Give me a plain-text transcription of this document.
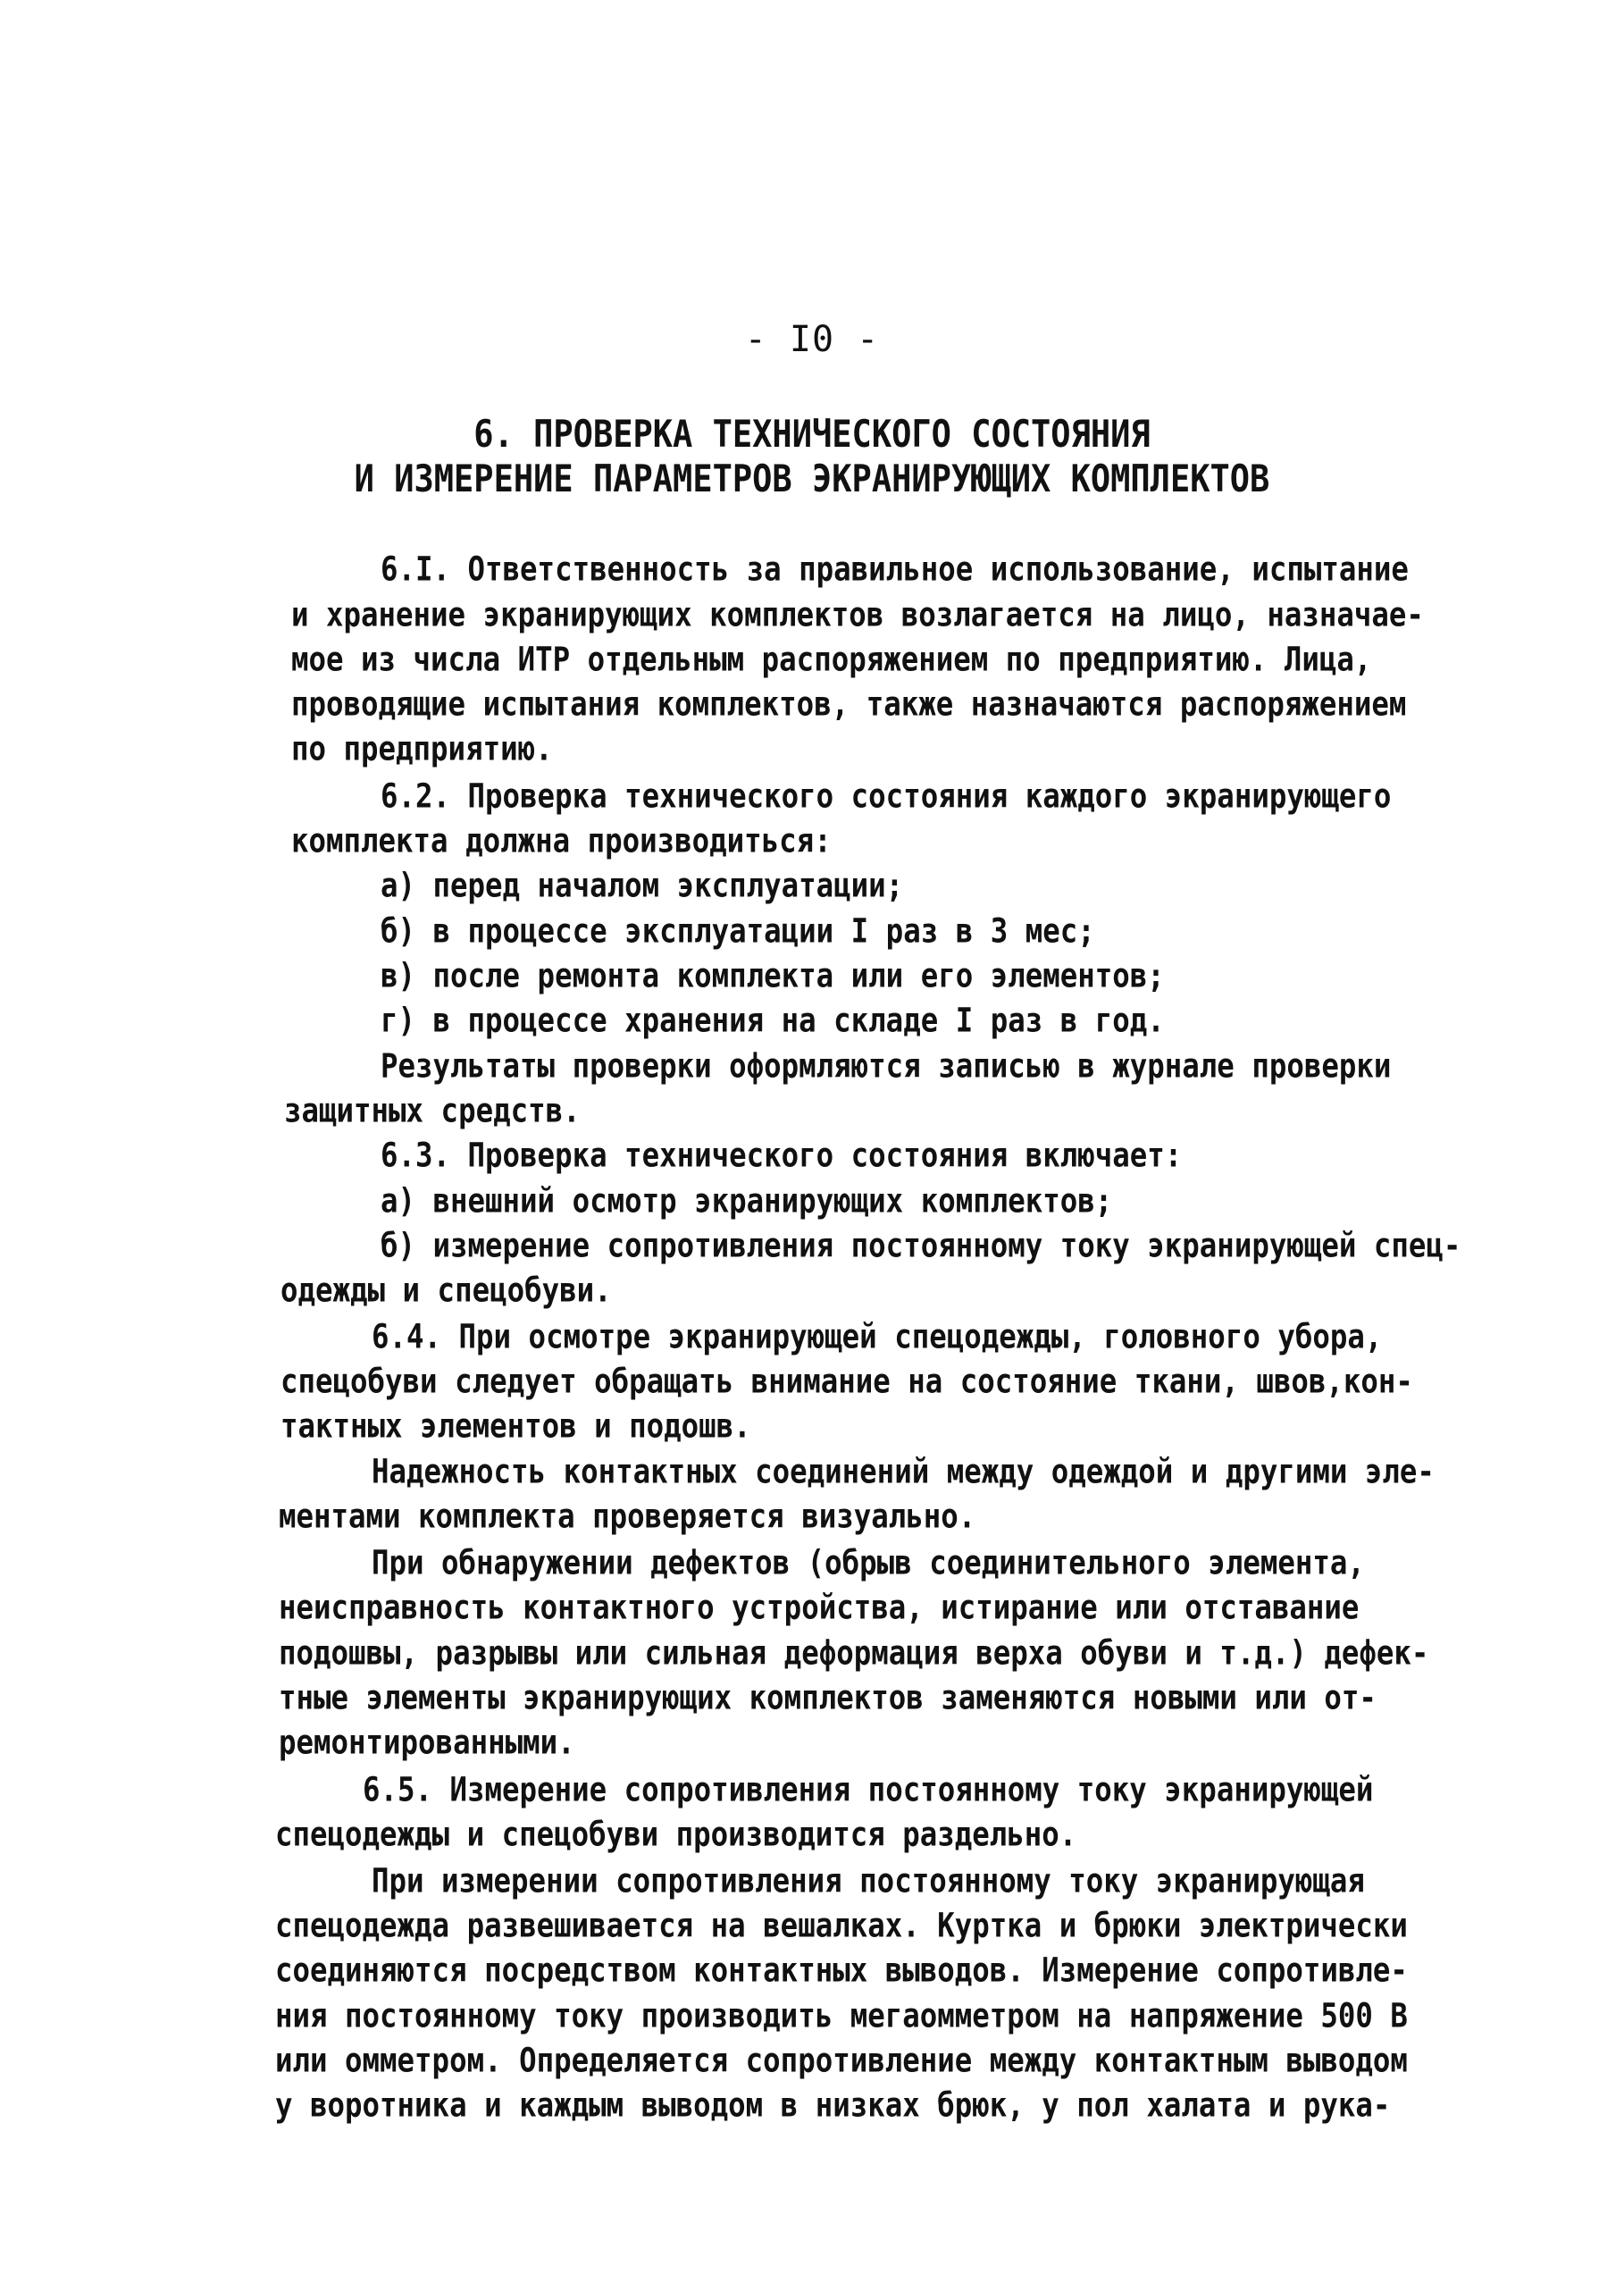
- I0 -
6. ПРОВЕРКА ТЕХНИЧЕСКОГО СОСТОЯНИЯ
И ИЗМЕРЕНИЕ ПАРАМЕТРОВ ЭКРАНИРУЮЩИХ КОМПЛЕКТОВ
6.I. Ответственность за правильное использование, испытание
и хранение экранирующих комплектов возлагается на лицо, назначае-
мое из числа ИТР отдельным распоряжением по предприятию. Лица,
проводящие испытания комплектов, также назначаются распоряжением
по предприятию.
6.2. Проверка технического состояния каждого экранирующего
комплекта должна производиться:
а) перед началом эксплуатации;
б) в процессе эксплуатации I раз в 3 мес;
в) после ремонта комплекта или его элементов;
г) в процессе хранения на складе I раз в год.
Результаты проверки оформляются записью в журнале проверки
защитных средств.
6.3. Проверка технического состояния включает:
а) внешний осмотр экранирующих комплектов;
б) измерение сопротивления постоянному току экранирующей спец-
одежды и спецобуви.
6.4. При осмотре экранирующей спецодежды, головного убора,
спецобуви следует обращать внимание на состояние ткани, швов,кон-
тактных элементов и подошв.
Надежность контактных соединений между одеждой и другими эле-
ментами комплекта проверяется визуально.
При обнаружении дефектов (обрыв соединительного элемента,
неисправность контактного устройства, истирание или отставание
подошвы, разрывы или сильная деформация верха обуви и т.д.) дефек-
тные элементы экранирующих комплектов заменяются новыми или от-
ремонтированными.
6.5. Измерение сопротивления постоянному току экранирующей
спецодежды и спецобуви производится раздельно.
При измерении сопротивления постоянному току экранирующая
спецодежда развешивается на вешалках. Куртка и брюки электрически
соединяются посредством контактных выводов. Измерение сопротивле-
ния постоянному току производить мегаомметром на напряжение 500 В
или омметром. Определяется сопротивление между контактным выводом
у воротника и каждым выводом в низках брюк, у пол халата и рука-
